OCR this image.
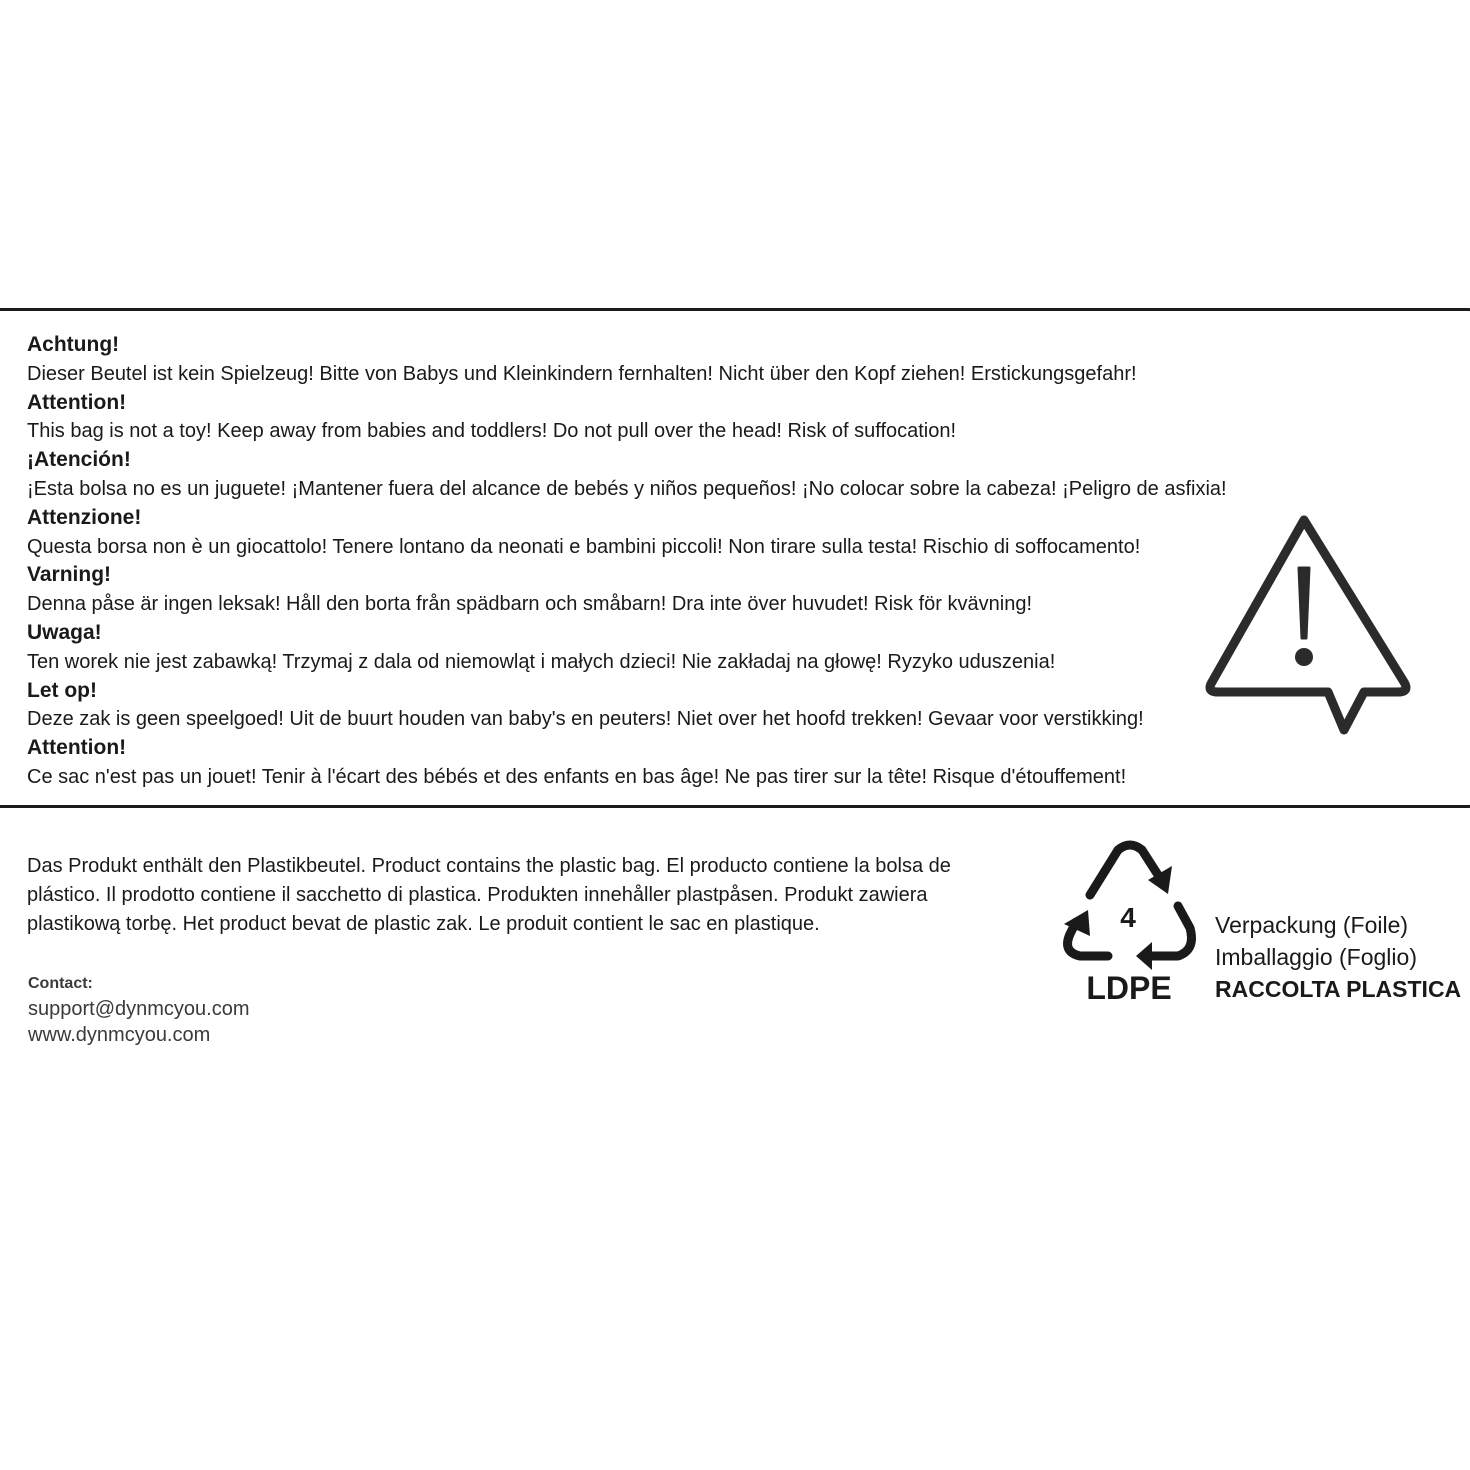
Achtung!
Dieser Beutel ist kein Spielzeug! Bitte von Babys und Kleinkindern fernhalten! Nicht über den Kopf ziehen! Erstickungsgefahr!
Attention!
This bag is not a toy! Keep away from babies and toddlers! Do not pull over the head! Risk of suffocation!
¡Atención!
¡Esta bolsa no es un juguete! ¡Mantener fuera del alcance de bebés y niños pequeños! ¡No colocar sobre la cabeza! ¡Peligro de asfixia!
Attenzione!
Questa borsa non è un giocattolo! Tenere lontano da neonati e bambini piccoli! Non tirare sulla testa! Rischio di soffocamento!
Varning!
Denna påse är ingen leksak! Håll den borta från spädbarn och småbarn! Dra inte över huvudet! Risk för kvävning!
Uwaga!
Ten worek nie jest zabawką! Trzymaj z dala od niemowląt i małych dzieci! Nie zakładaj na głowę! Ryzyko uduszenia!
Let op!
Deze zak is geen speelgoed! Uit de buurt houden van baby's en peuters! Niet over het hoofd trekken! Gevaar voor verstikking!
Attention!
Ce sac n'est pas un jouet! Tenir à l'écart des bébés et des enfants en bas âge! Ne pas tirer sur la tête! Risque d'étouffement!

Das Produkt enthält den Plastikbeutel. Product contains the plastic bag. El producto contiene la bolsa de plástico. Il prodotto contiene il sacchetto di plastica. Produkten innehåller plastpåsen. Produkt zawiera plastikową torbę. Het product bevat de plastic zak. Le produit contient le sac en plastique.

Contact:
support@dynmcyou.com
www.dynmcyou.com
4
LDPE
Verpackung (Foile)
Imballaggio (Foglio)
RACCOLTA PLASTICA
